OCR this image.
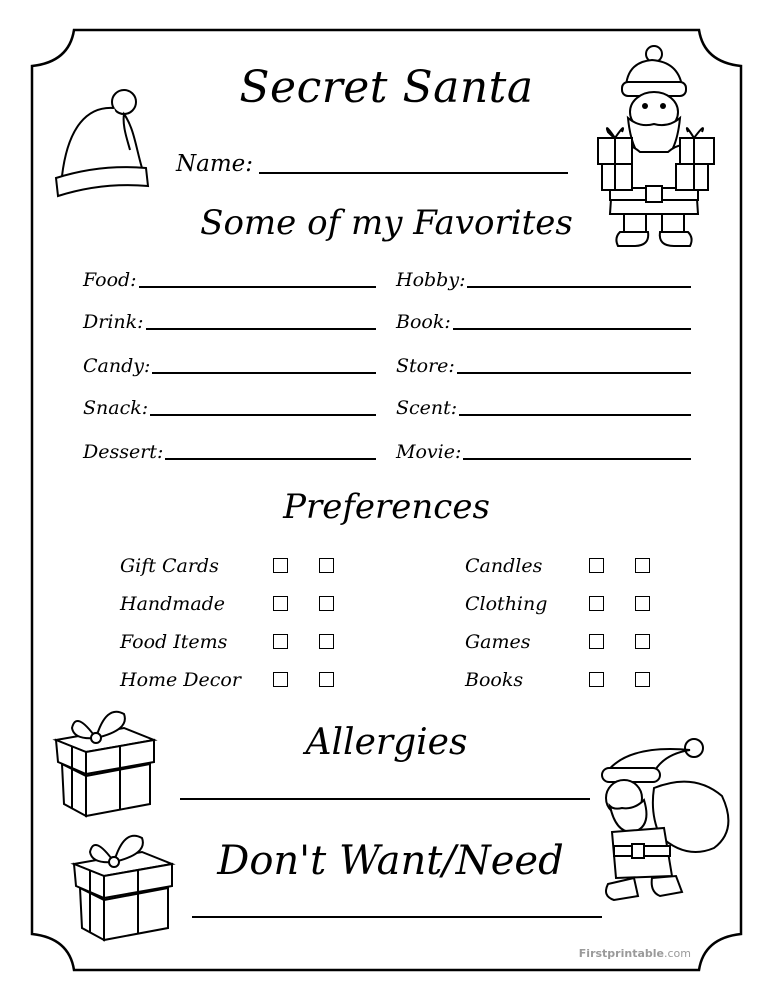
Secret Santa
Name:
Some of my Favorites
Food:
Drink:
Candy:
Snack:
Dessert:
Hobby:
Book:
Store:
Scent:
Movie:
Preferences
Gift Cards
Handmade
Food Items
Home Decor
Candles
Clothing
Games
Books
Allergies
Don't Want/Need
Firstprintable.com
